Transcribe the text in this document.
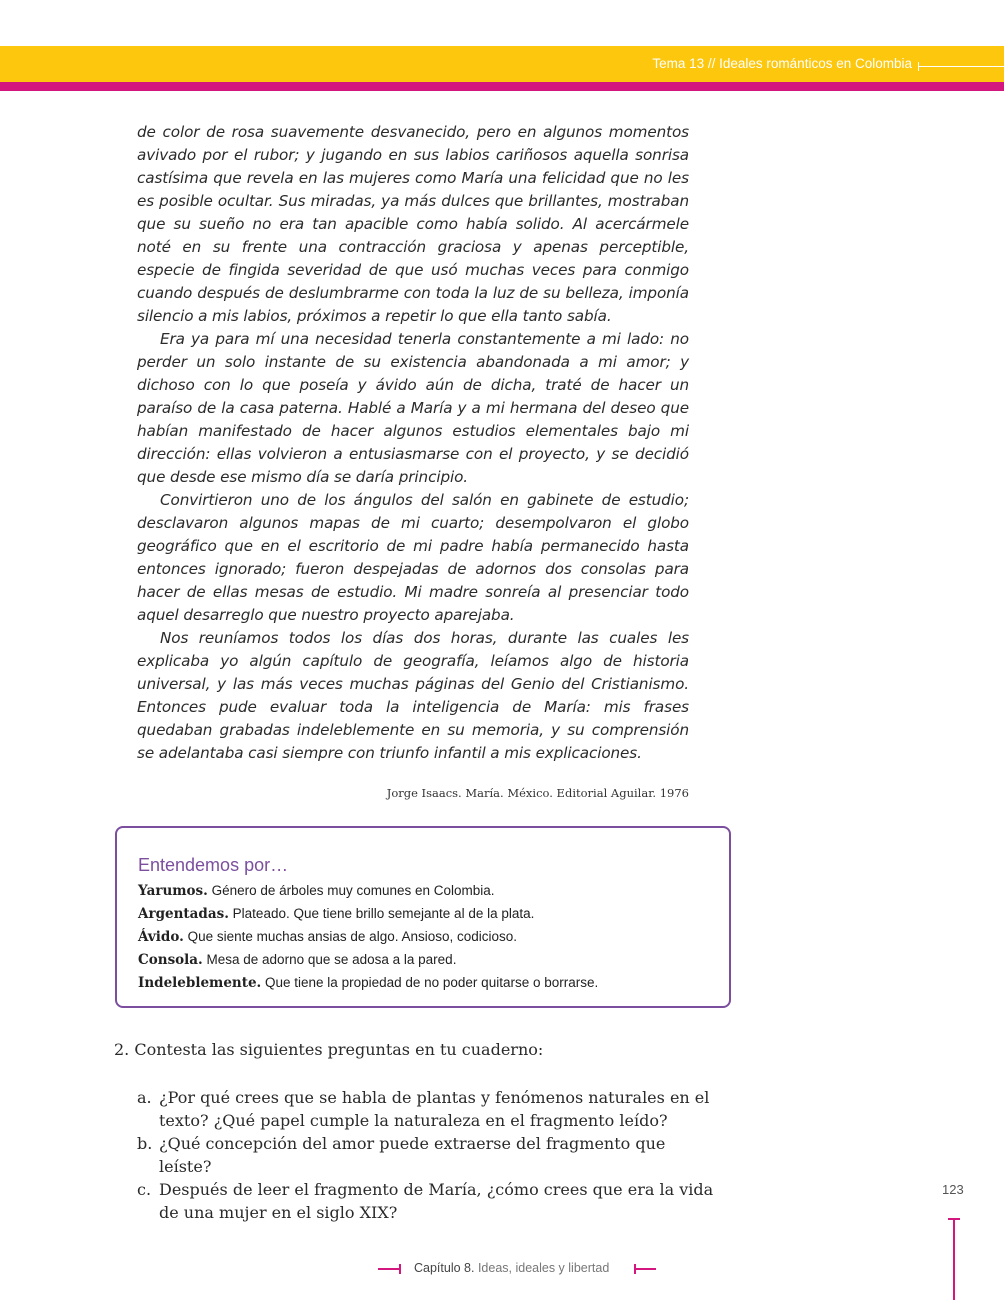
Tema 13 // Ideales románticos en Colombia

de color de rosa suavemente desvanecido, pero en algunos momentos avivado por el rubor; y jugando en sus labios cariñosos aquella sonrisa castísima que revela en las mujeres como María una felicidad que no les es posible ocultar. Sus miradas, ya más dulces que brillantes, mostraban que su sueño no era tan apacible como había solido. Al acercármele noté en su frente una contracción graciosa y apenas perceptible, especie de fingida severidad de que usó muchas veces para conmigo cuando después de deslumbrarme con toda la luz de su belleza, imponía silencio a mis labios, próximos a repetir lo que ella tanto sabía.

Era ya para mí una necesidad tenerla constantemente a mi lado: no perder un solo instante de su existencia abandonada a mi amor; y dichoso con lo que poseía y ávido aún de dicha, traté de hacer un paraíso de la casa paterna. Hablé a María y a mi hermana del deseo que habían manifestado de hacer algunos estudios elementales bajo mi dirección: ellas volvieron a entusiasmarse con el proyecto, y se decidió que desde ese mismo día se daría principio.

Convirtieron uno de los ángulos del salón en gabinete de estudio; desclavaron algunos mapas de mi cuarto; desempolvaron el globo geográfico que en el escritorio de mi padre había permanecido hasta entonces ignorado; fueron despejadas de adornos dos consolas para hacer de ellas mesas de estudio. Mi madre sonreía al presenciar todo aquel desarreglo que nuestro proyecto aparejaba.

Nos reuníamos todos los días dos horas, durante las cuales les explicaba yo algún capítulo de geografía, leíamos algo de historia universal, y las más veces muchas páginas del Genio del Cristianismo. Entonces pude evaluar toda la inteligencia de María: mis frases quedaban grabadas indeleblemente en su memoria, y su comprensión se adelantaba casi siempre con triunfo infantil a mis explicaciones.

Jorge Isaacs. María. México. Editorial Aguilar. 1976
Entendemos por…
Yarumos. Género de árboles muy comunes en Colombia.
Argentadas. Plateado. Que tiene brillo semejante al de la plata.
Ávido. Que siente muchas ansias de algo. Ansioso, codicioso.
Consola. Mesa de adorno que se adosa a la pared.
Indeleblemente. Que tiene la propiedad de no poder quitarse o borrarse.
2. Contesta las siguientes preguntas en tu cuaderno:
a. ¿Por qué crees que se habla de plantas y fenómenos naturales en el texto? ¿Qué papel cumple la naturaleza en el fragmento leído?
b. ¿Qué concepción del amor puede extraerse del fragmento que leíste?
c. Después de leer el fragmento de María, ¿cómo crees que era la vida de una mujer en el siglo XIX?
123
Capítulo 8. Ideas, ideales y libertad
